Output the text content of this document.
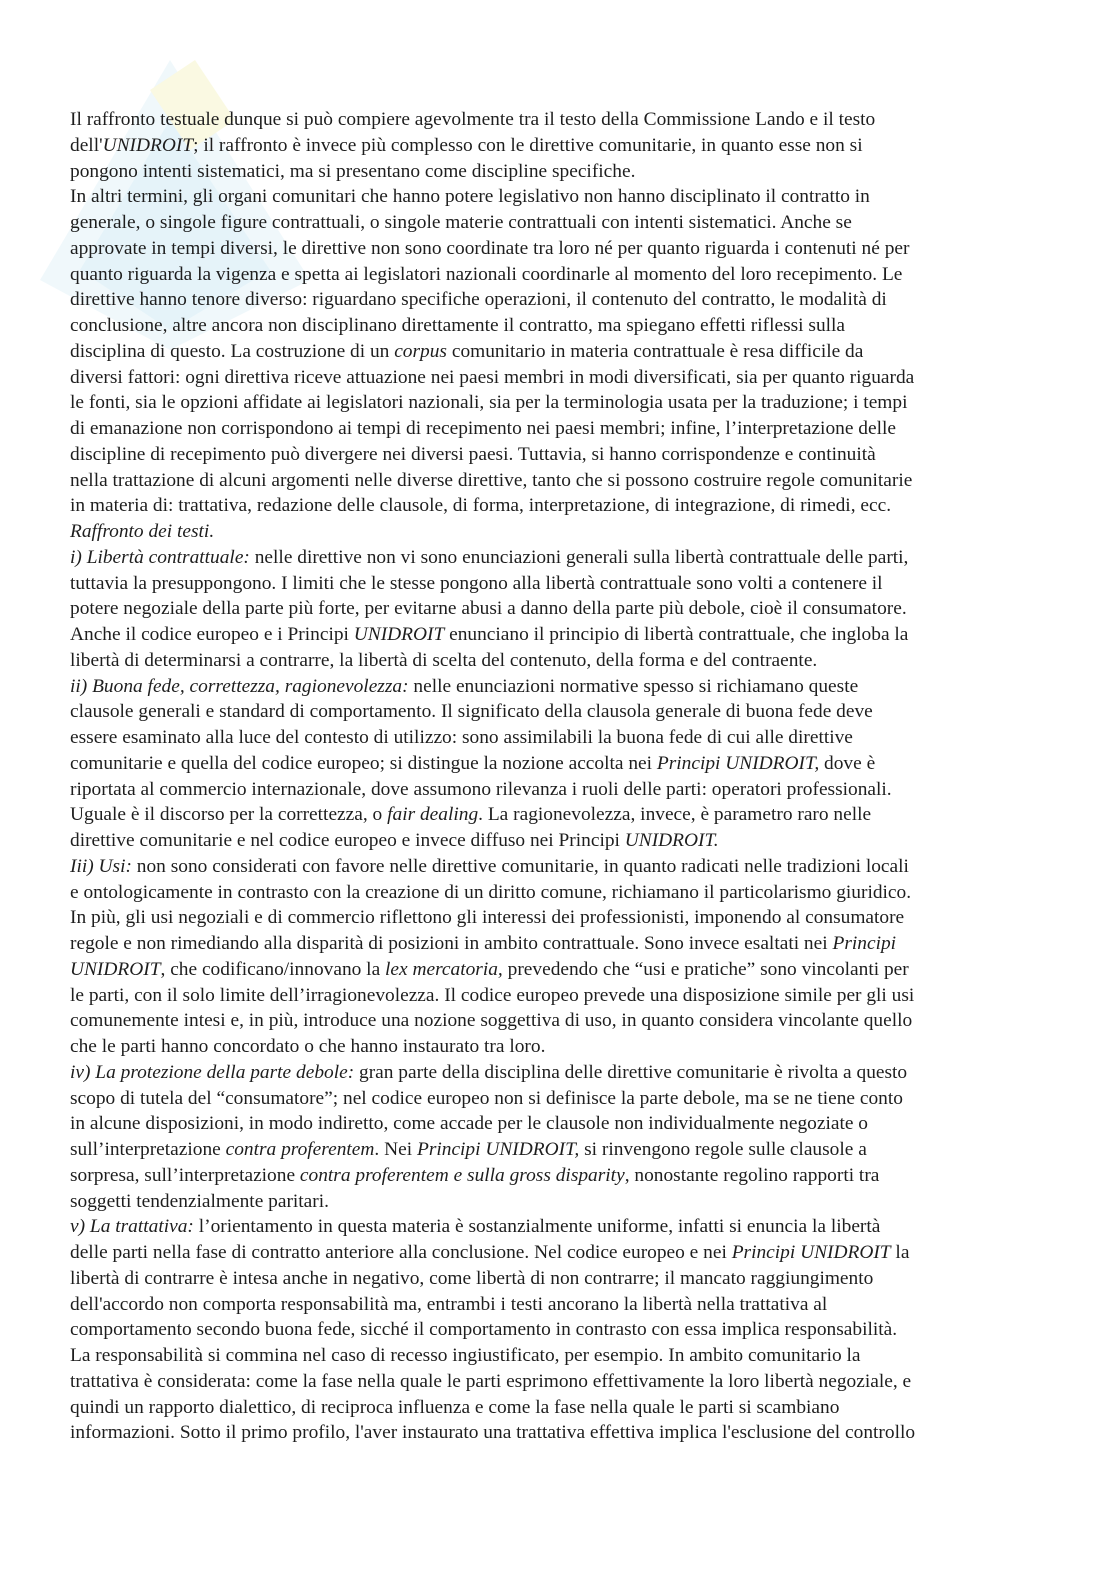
Il raffronto testuale dunque si può compiere agevolmente tra il testo della Commissione Lando e il testo
dell'UNIDROIT; il raffronto è invece più complesso con le direttive comunitarie, in quanto esse non si
pongono intenti sistematici, ma si presentano come discipline specifiche.
In altri termini, gli organi comunitari che hanno potere legislativo non hanno disciplinato il contratto in
generale, o singole figure contrattuali, o singole materie contrattuali con intenti sistematici. Anche se
approvate in tempi diversi, le direttive non sono coordinate tra loro né per quanto riguarda i contenuti né per
quanto riguarda la vigenza e spetta ai legislatori nazionali coordinarle al momento del loro recepimento. Le
direttive hanno tenore diverso: riguardano specifiche operazioni, il contenuto del contratto, le modalità di
conclusione, altre ancora non disciplinano direttamente il contratto, ma spiegano effetti riflessi sulla
disciplina di questo. La costruzione di un corpus comunitario in materia contrattuale è resa difficile da
diversi fattori: ogni direttiva riceve attuazione nei paesi membri in modi diversificati, sia per quanto riguarda
le fonti, sia le opzioni affidate ai legislatori nazionali, sia per la terminologia usata per la traduzione; i tempi
di emanazione non corrispondono ai tempi di recepimento nei paesi membri; infine, l’interpretazione delle
discipline di recepimento può divergere nei diversi paesi. Tuttavia, si hanno corrispondenze e continuità
nella trattazione di alcuni argomenti nelle diverse direttive, tanto che si possono costruire regole comunitarie
in materia di: trattativa, redazione delle clausole, di forma, interpretazione, di integrazione, di rimedi, ecc.
Raffronto dei testi.
i) Libertà contrattuale: nelle direttive non vi sono enunciazioni generali sulla libertà contrattuale delle parti,
tuttavia la presuppongono. I limiti che le stesse pongono alla libertà contrattuale sono volti a contenere il
potere negoziale della parte più forte, per evitarne abusi a danno della parte più debole, cioè il consumatore.
Anche il codice europeo e i Principi UNIDROIT enunciano il principio di libertà contrattuale, che ingloba la
libertà di determinarsi a contrarre, la libertà di scelta del contenuto, della forma e del contraente.
ii) Buona fede, correttezza, ragionevolezza: nelle enunciazioni normative spesso si richiamano queste
clausole generali e standard di comportamento. Il significato della clausola generale di buona fede deve
essere esaminato alla luce del contesto di utilizzo: sono assimilabili la buona fede di cui alle direttive
comunitarie e quella del codice europeo; si distingue la nozione accolta nei Principi UNIDROIT, dove è
riportata al commercio internazionale, dove assumono rilevanza i ruoli delle parti: operatori professionali.
Uguale è il discorso per la correttezza, o fair dealing. La ragionevolezza, invece, è parametro raro nelle
direttive comunitarie e nel codice europeo e invece diffuso nei Principi UNIDROIT.
Iii) Usi: non sono considerati con favore nelle direttive comunitarie, in quanto radicati nelle tradizioni locali
e ontologicamente in contrasto con la creazione di un diritto comune, richiamano il particolarismo giuridico.
In più, gli usi negoziali e di commercio riflettono gli interessi dei professionisti, imponendo al consumatore
regole e non rimediando alla disparità di posizioni in ambito contrattuale. Sono invece esaltati nei Principi
UNIDROIT, che codificano/innovano la lex mercatoria, prevedendo che “usi e pratiche” sono vincolanti per
le parti, con il solo limite dell’irragionevolezza. Il codice europeo prevede una disposizione simile per gli usi
comunemente intesi e, in più, introduce una nozione soggettiva di uso, in quanto considera vincolante quello
che le parti hanno concordato o che hanno instaurato tra loro.
iv) La protezione della parte debole: gran parte della disciplina delle direttive comunitarie è rivolta a questo
scopo di tutela del “consumatore”; nel codice europeo non si definisce la parte debole, ma se ne tiene conto
in alcune disposizioni, in modo indiretto, come accade per le clausole non individualmente negoziate o
sull’interpretazione contra proferentem. Nei Principi UNIDROIT, si rinvengono regole sulle clausole a
sorpresa, sull’interpretazione contra proferentem e sulla gross disparity, nonostante regolino rapporti tra
soggetti tendenzialmente paritari.
v) La trattativa: l’orientamento in questa materia è sostanzialmente uniforme, infatti si enuncia la libertà
delle parti nella fase di contratto anteriore alla conclusione. Nel codice europeo e nei Principi UNIDROIT la
libertà di contrarre è intesa anche in negativo, come libertà di non contrarre; il mancato raggiungimento
dell'accordo non comporta responsabilità ma, entrambi i testi ancorano la libertà nella trattativa al
comportamento secondo buona fede, sicché il comportamento in contrasto con essa implica responsabilità.
La responsabilità si commina nel caso di recesso ingiustificato, per esempio. In ambito comunitario la
trattativa è considerata: come la fase nella quale le parti esprimono effettivamente la loro libertà negoziale, e
quindi un rapporto dialettico, di reciproca influenza e come la fase nella quale le parti si scambiano
informazioni. Sotto il primo profilo, l'aver instaurato una trattativa effettiva implica l'esclusione del controllo
